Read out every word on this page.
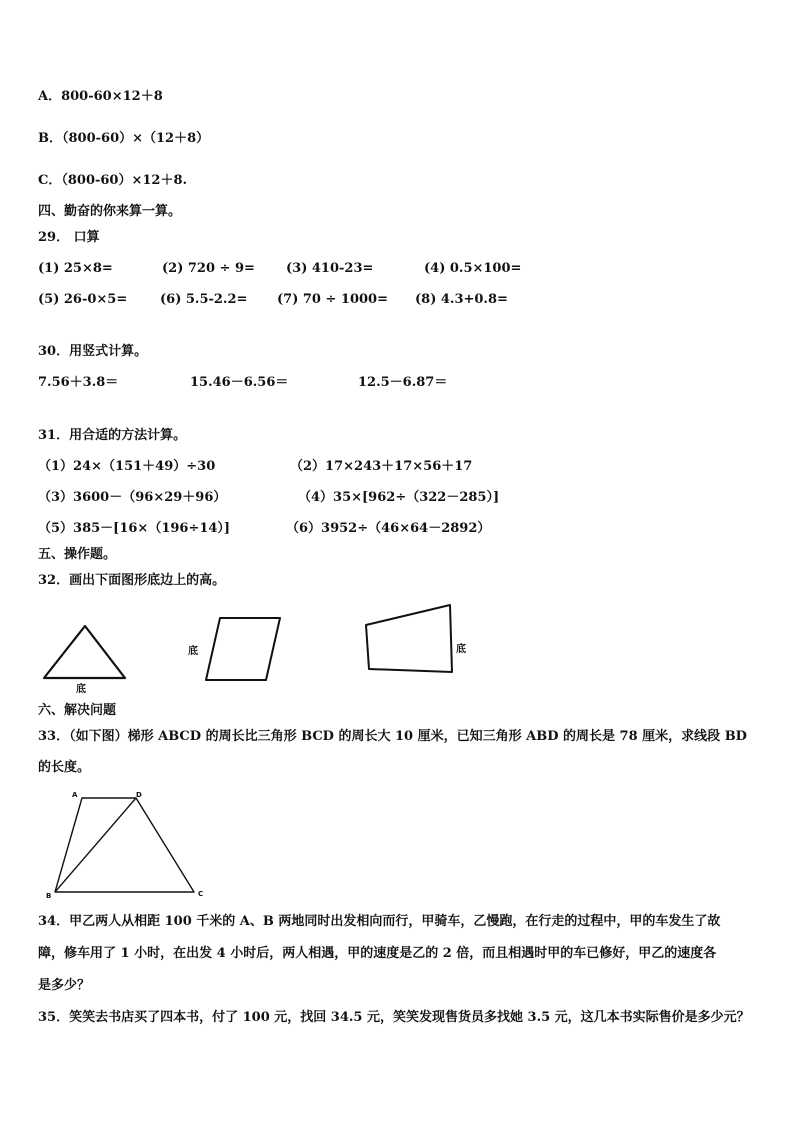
A．800-60×12＋8
B．（800-60）×（12＋8）
C．（800-60）×12＋8.
四、勤奋的你来算一算。
29． 口算
(1) 25×8=	(2) 720 ÷ 9= (3) 410-23=	(4) 0.5×100=
(5) 26-0×5=	(6) 5.5-2.2= (7) 70 ÷ 1000= (8) 4.3+0.8=
30．用竖式计算。
7.56＋3.8＝	15.46－6.56＝	12.5－6.87＝
31．用合适的方法计算。
（1）24×（151＋49）÷30	（2）17×243＋17×56＋17
（3）3600－（96×29＋96）	（4）35×[962÷（322－285）]
（5）385－[16×（196÷14）]	（6）3952÷（46×64－2892）
五、操作题。
32．画出下面图形底边上的高。
底
底	底
六、解决问题
33．（如下图）梯形 ABCD 的周长比三角形 BCD 的周长大 10 厘米，已知三角形 ABD 的周长是 78 厘米，求线段 BD
的长度。
A	D
B	C
34．甲乙两人从相距 100 千米的 A、B 两地同时出发相向而行，甲骑车，乙慢跑，在行走的过程中，甲的车发生了故
障，修车用了 1 小时，在出发 4 小时后，两人相遇，甲的速度是乙的 2 倍，而且相遇时甲的车已修好，甲乙的速度各
是多少？
35．笑笑去书店买了四本书，付了 100 元，找回 34.5 元，笑笑发现售货员多找她 3.5 元，这几本书实际售价是多少元？
